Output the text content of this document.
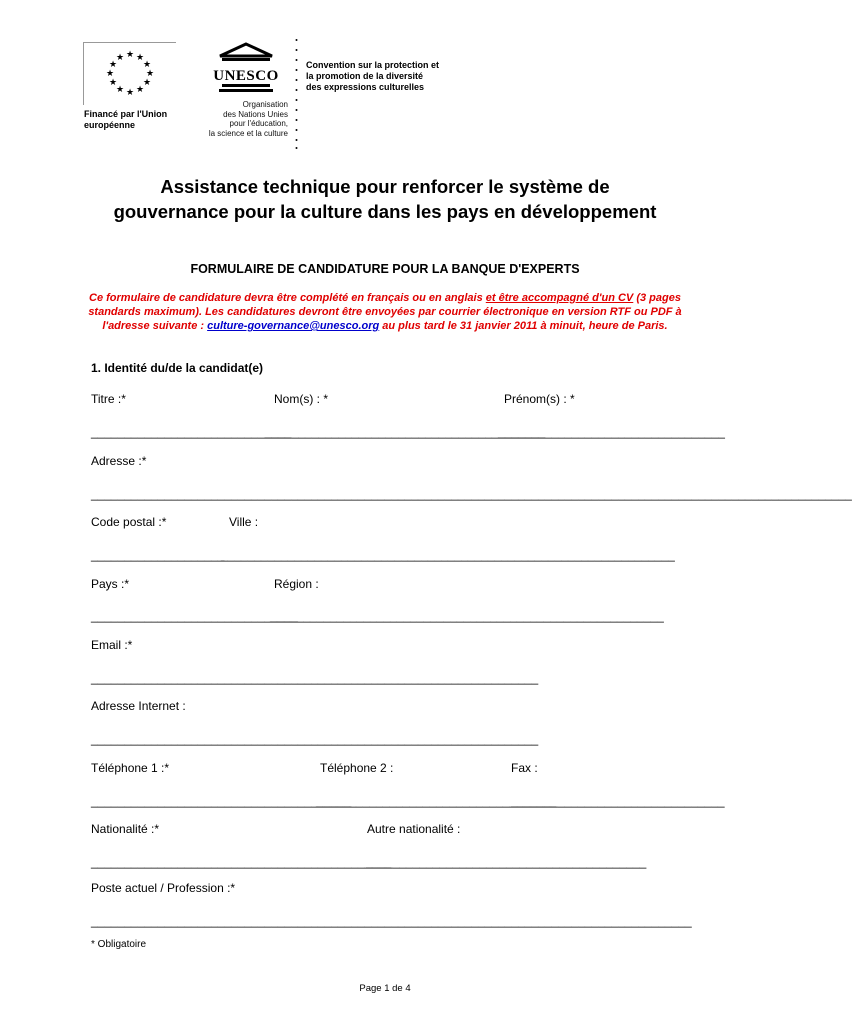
★ ★
★
★
★
★
★
★
★
★
★ ★
Financé par l'Union
européenne
UNESCO
Organisation
des Nations Unies
pour l'éducation,
la science et la culture
Convention sur la protection et
la promotion de la diversité
des expressions culturelles
Assistance technique pour renforcer le système de
gouvernance pour la culture dans les pays en développement
FORMULAIRE DE CANDIDATURE POUR LA BANQUE D'EXPERTS
Ce formulaire de candidature devra être complété en français ou en anglais et être accompagné d'un CV (3 pages standards maximum). Les candidatures devront être envoyées par courrier électronique en version RTF ou PDF à l'adresse suivante : culture-governance@unesco.org au plus tard le 31 janvier 2011 à minuit, heure de Paris.
1. Identité du/de la candidat(e)
Titre :*	Nom(s) : *	Prénom(s) : *
______________________________
__________________________________________
__________________________________
Adresse :*
__________________________________________________________________________________________________________________
Code postal :*	Ville :
____________________
____________________________________________________________________
Pays :*	Région :
_______________________________
___________________________________________________________
Email :*
___________________________________________________________________
Adresse Internet :
___________________________________________________________________
Téléphone 1 :*	Téléphone 2 :	Fax :
_______________________________________
____________________________________
________________________________
Nationalité :*	Autre nationalité :
_____________________________________________
__________________________________________
Poste actuel / Profession :*
__________________________________________________________________________________________
* Obligatoire
Page 1 de 4
